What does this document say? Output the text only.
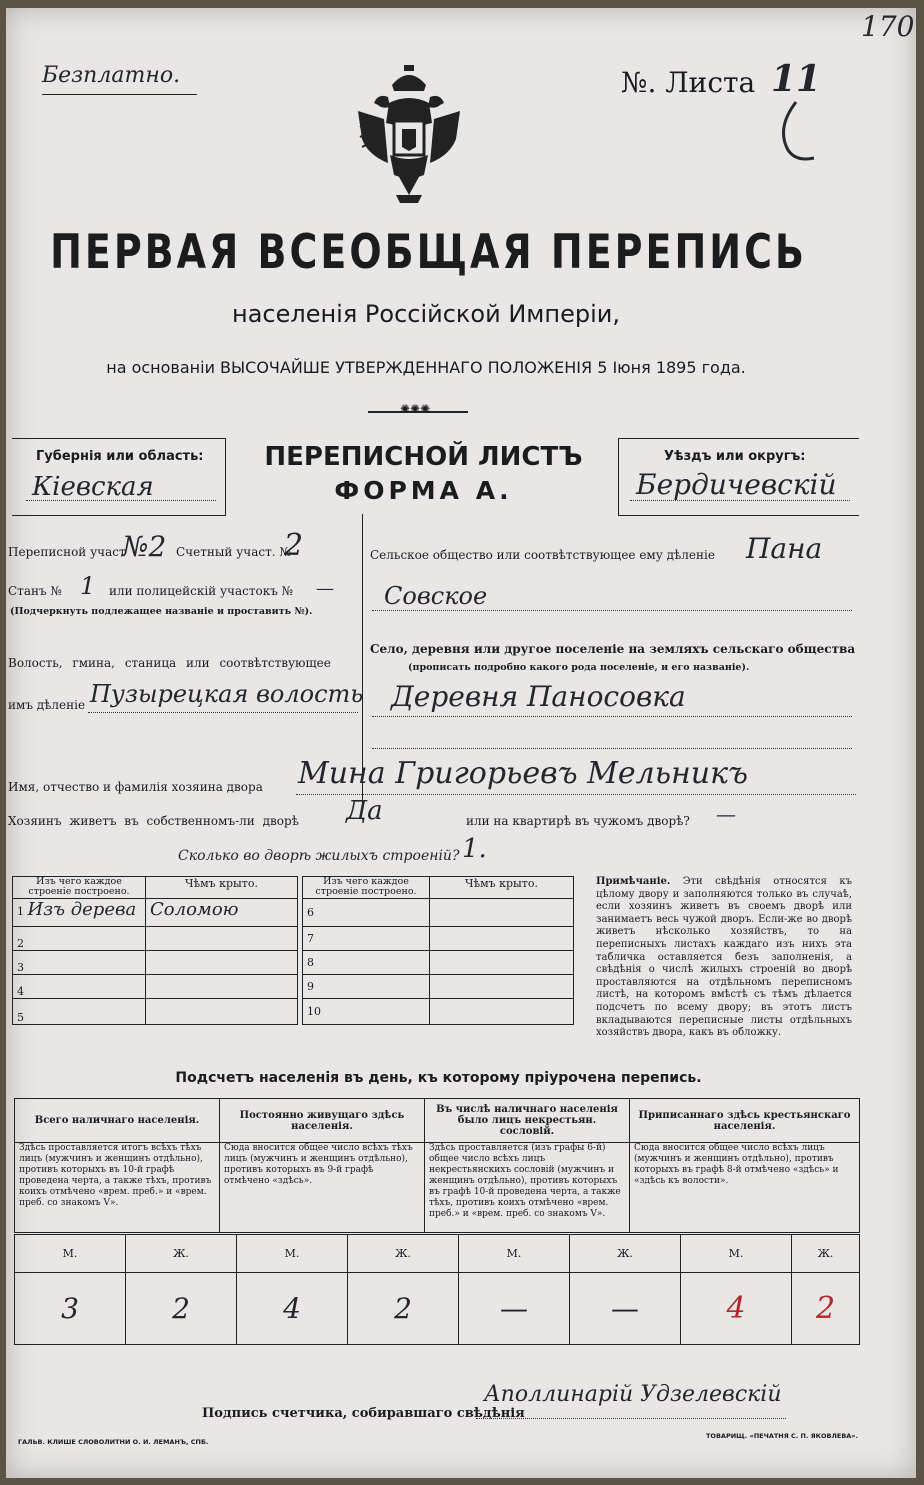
Безплатно.	№. Листа 11
170
ПЕРВАЯ ВСЕОБЩАЯ ПЕРЕПИСЬ
населенія Россійской Имперіи,
на основаніи ВЫСОЧАЙШЕ УТВЕРЖДЕННАГО ПОЛОЖЕНІЯ 5 Іюня 1895 года.
✺✺✺
Губернія или область:
Кіевская
ПЕРЕПИСНОЙ ЛИСТЪ
ФОРМА А.
Уѣздъ или округъ:
Бердичевскій
Переписной участ
№2 Счетный участ. №
2
Станъ № 1 или полицейскій участокъ № —
(Подчеркнуть подлежащее названіе и проставить №).
Волость, гмина, станица или соотвѣтствующее
имъ дѣленіе Пузырецкая волость
Сельское общество или соотвѣтствующее ему дѣленіе Пана
Совское
Село, деревня или другое поселеніе на земляхъ сельскаго общества
(прописать подробно какого рода поселеніе, и его названіе).
Деревня Паносовка
Имя, отчество и фамилія хозяина двора Мина Григорьевъ Мельникъ
Хозяинъ живетъ въ собственномъ-ли дворѣ Да	или на квартирѣ въ чужомъ дворѣ? —
Сколько во дворѣ жилыхъ строеній? 1.
Изъ чего каждое строеніе построено.	Чѣмъ крыто.
1 Изъ дерева	Соломою
2	
3	
4	
5	
Изъ чего каждое строеніе построено.	Чѣмъ крыто.
6	
7	
8	
9	
10	
Примѣчаніе. Эти свѣдѣнія относятся къ цѣлому двору и заполняются только въ случаѣ, если хозяинъ живетъ въ своемъ дворѣ или занимаетъ весь чужой дворъ. Если-же во дворѣ живетъ нѣсколько хозяйствъ, то на переписныхъ листахъ каждаго изъ нихъ эта табличка оставляется безъ заполненія, а свѣдѣнія о числѣ жилыхъ строеній во дворѣ проставляются на отдѣльномъ переписномъ листѣ, на которомъ вмѣстѣ съ тѣмъ дѣлается подсчетъ по всему двору; въ этотъ листъ вкладываются переписные листы отдѣльныхъ хозяйствъ двора, какъ въ обложку.
Подсчетъ населенія въ день, къ которому пріурочена перепись.
Всего наличнаго населенія.	Постоянно живущаго здѣсь населенія.	Въ числѣ наличнаго населенія было лицъ некрестьян. сословій.	Приписаннаго здѣсь крестьянскаго населенія.
Здѣсь проставляется итогъ всѣхъ тѣхъ лицъ (мужчинъ и женщинъ отдѣльно), противъ которыхъ въ 10-й графѣ проведена черта, а также тѣхъ, противъ коихъ отмѣчено «врем. преб.» и «врем. преб. со знакомъ V».	Сюда вносится общее число всѣхъ тѣхъ лицъ (мужчинъ и женщинъ отдѣльно), противъ которыхъ въ 9-й графѣ отмѣчено «здѣсь».	Здѣсь проставляется (изъ графы 6-й) общее число всѣхъ лицъ некрестьянскихъ сословій (мужчинъ и женщинъ отдѣльно), противъ которыхъ въ графѣ 10-й проведена черта, а также тѣхъ, противъ коихъ отмѣчено «врем. преб.» и «врем. преб. со знакомъ V».	Сюда вносится общее число всѣхъ лицъ (мужчинъ и женщинъ отдѣльно), противъ которыхъ въ графѣ 8-й отмѣчено «здѣсь» и «здѣсь къ волости».
М.	Ж.	М.	Ж.	М.	Ж.	М.	Ж.
3	2	4	2	—	—	4	2
Подпись счетчика, собиравшаго свѣдѣнія
Аполлинарій Удзелевскій
ГАЛЬВ. КЛИШЕ СЛОВОЛИТНИ О. И. ЛЕМАНЪ, СПБ.
ТОВАРИЩ. «ПЕЧАТНЯ С. П. ЯКОВЛЕВА».
